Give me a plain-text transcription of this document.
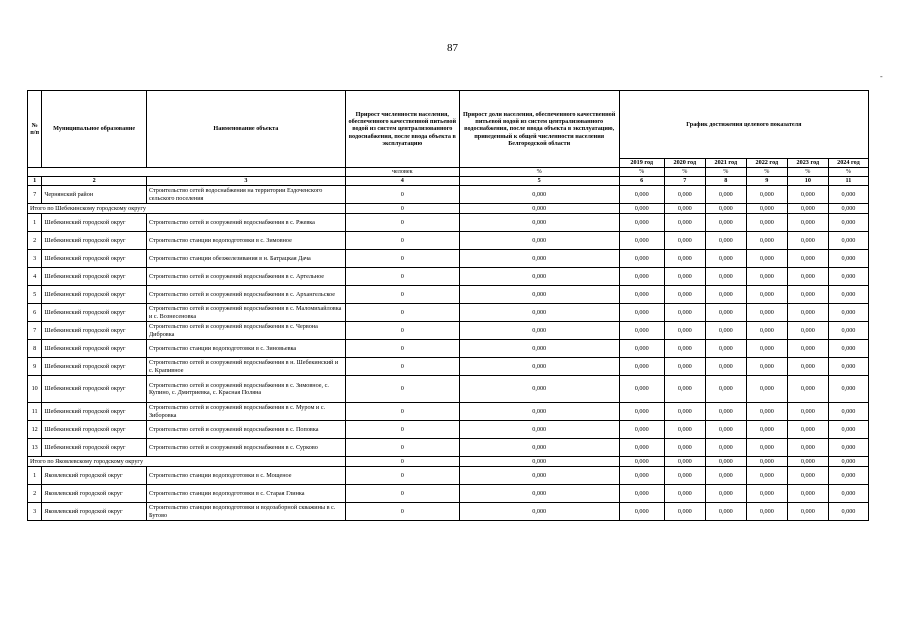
87
№ п/п	Муниципальное образование	Наименование объекта	Прирост численности населения, обеспеченного качественной питьевой водой из систем централизованного водоснабжения, после ввода объекта в эксплуатацию	Прирост доли населения, обеспеченного качественной питьевой водой из систем централизованного водоснабжения, после ввода объекта в эксплуатацию, приведенный к общей численности населения Белгородской области	График достижения целевого показателя					
					2019 год	2020 год	2021 год	2022 год	2023 год	2024 год
			человек	%	%	%	%	%	%	%
1	2	3	4	5	6	7	8	9	10	11
7	Чернянский район	Строительство сетей водоснабжения на территории Ездоченского сельского поселения	0	0,000	0,000	0,000	0,000	0,000	0,000	0,000
Итого по Шебекинскому городскому округу			0	0,000	0,000	0,000	0,000	0,000	0,000	0,000
1	Шебекинский городской округ	Строительство сетей и сооружений водоснабжения в с. Ржевка	0	0,000	0,000	0,000	0,000	0,000	0,000	0,000
2	Шебекинский городской округ	Строительство станции водоподготовки в с. Зимовное	0	0,000	0,000	0,000	0,000	0,000	0,000	0,000
3	Шебекинский городской округ	Строительство станции обезжелезивания в н. Батрацкая Дача	0	0,000	0,000	0,000	0,000	0,000	0,000	0,000
4	Шебекинский городской округ	Строительство сетей и сооружений водоснабжения в с. Артельное	0	0,000	0,000	0,000	0,000	0,000	0,000	0,000
5	Шебекинский городской округ	Строительство сетей и сооружений водоснабжения в с. Архангельское	0	0,000	0,000	0,000	0,000	0,000	0,000	0,000
6	Шебекинский городской округ	Строительство сетей и сооружений водоснабжения в с. Маломихайловка и с. Вознесеновка	0	0,000	0,000	0,000	0,000	0,000	0,000	0,000
7	Шебекинский городской округ	Строительство сетей и сооружений водоснабжения в с. Червона Дибровка	0	0,000	0,000	0,000	0,000	0,000	0,000	0,000
8	Шебекинский городской округ	Строительство станции водоподготовки в с. Зиновьевка	0	0,000	0,000	0,000	0,000	0,000	0,000	0,000
9	Шебекинский городской округ	Строительство сетей и сооружений водоснабжения в н. Шебекинский и с. Крапивное	0	0,000	0,000	0,000	0,000	0,000	0,000	0,000
10	Шебекинский городской округ	Строительство сетей и сооружений водоснабжения в с. Зимовное, с. Купино, с. Дмитриевка, с. Красная Поляна	0	0,000	0,000	0,000	0,000	0,000	0,000	0,000
11	Шебекинский городской округ	Строительство сетей и сооружений водоснабжения в с. Муром и с. Зиборовка	0	0,000	0,000	0,000	0,000	0,000	0,000	0,000
12	Шебекинский городской округ	Строительство сетей и сооружений водоснабжения в с. Поповка	0	0,000	0,000	0,000	0,000	0,000	0,000	0,000
13	Шебекинский городской округ	Строительство сетей и сооружений водоснабжения в с. Сурково	0	0,000	0,000	0,000	0,000	0,000	0,000	0,000
Итого по Яковлевскому городскому округу			0	0,000	0,000	0,000	0,000	0,000	0,000	0,000
1	Яковлевский городской округ	Строительство станции водоподготовки в с. Мощеное	0	0,000	0,000	0,000	0,000	0,000	0,000	0,000
2	Яковлевский городской округ	Строительство станции водоподготовки в с. Старая Глинка	0	0,000	0,000	0,000	0,000	0,000	0,000	0,000
3	Яковлевский городской округ	Строительство станции водоподготовки и водозаборной скважины в с. Бутово	0	0,000	0,000	0,000	0,000	0,000	0,000	0,000
-
